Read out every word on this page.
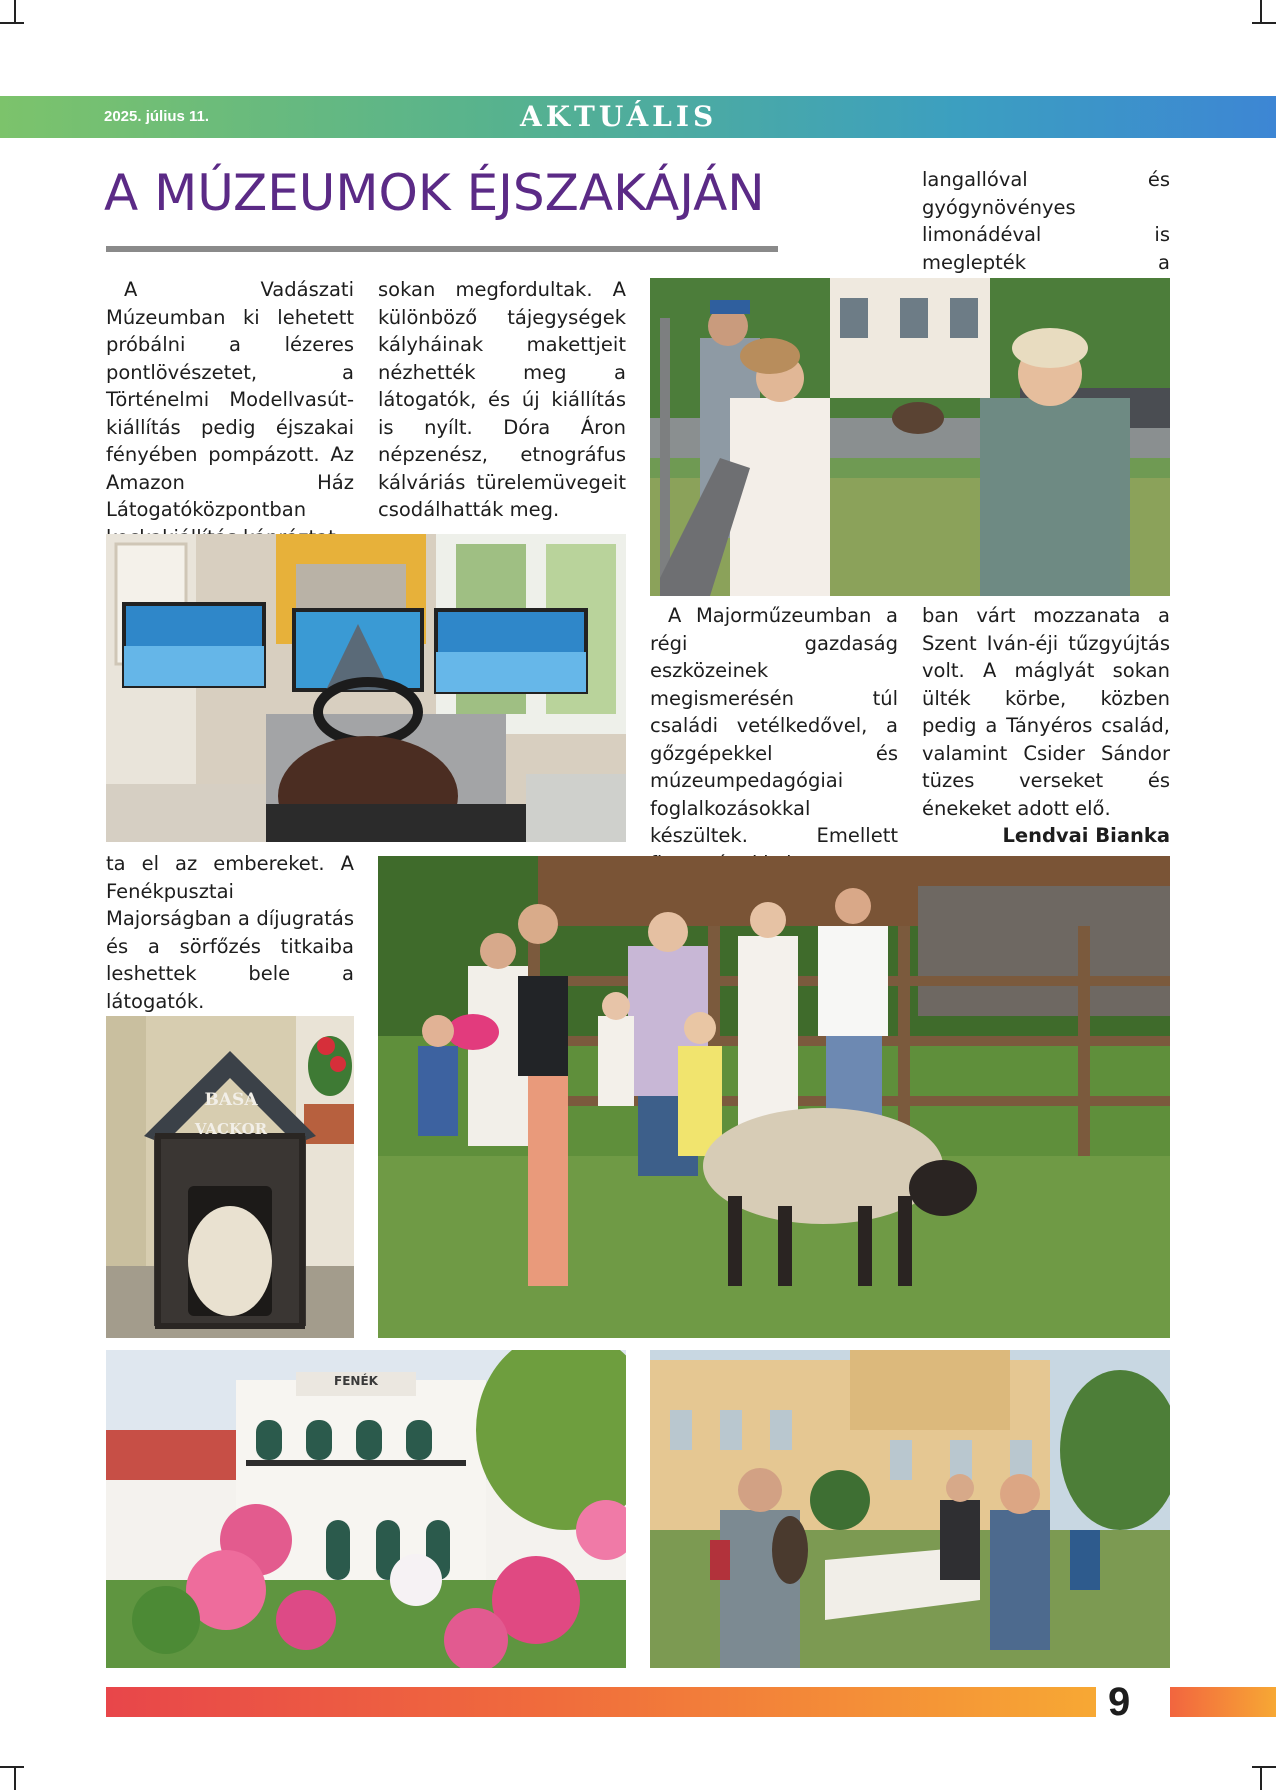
2025. július 11.	AKTUÁLIS
A MÚZEUMOK ÉJSZAKÁJÁN

A Vadászati Múzeumban ki lehetett próbálni a lézeres pontlövészetet, a Történelmi Modellvasút-kiállítás pedig éjszakai fényében pompázott. Az Amazon Ház Látogatóközpontban

sokan megfordultak. A különböző tájegységek kályháinak makettjeit nézhették meg a látogatók, és új kiállítás is nyílt. Dóra Áron népzenész, etnográfus kálváriás türelemüvegeit csodálhatták meg.

langallóval és gyógynövényes limonádéval is meglepték a

A Majorműzeumban a régi gazdaság eszközeinek megismerésén túl családi vetélkedővel, a gőzgépekkel és múzeumpedagógiai foglalkozásokkal készültek. Emellett

ban várt mozzanata a Szent Iván-éji tűzgyújtás volt. A máglyát sokan ülték körbe, közben pedig a Tányéros család, valamint Csider Sándor tüzes verseket és énekeket adott elő.

Lendvai Bianka

ta el az embereket. A Fenékpusztai Majorságban a díjugratás és a sörfőzés titkaiba leshettek bele a látogatók.

BASA
VACKOR
FENÉK
9
